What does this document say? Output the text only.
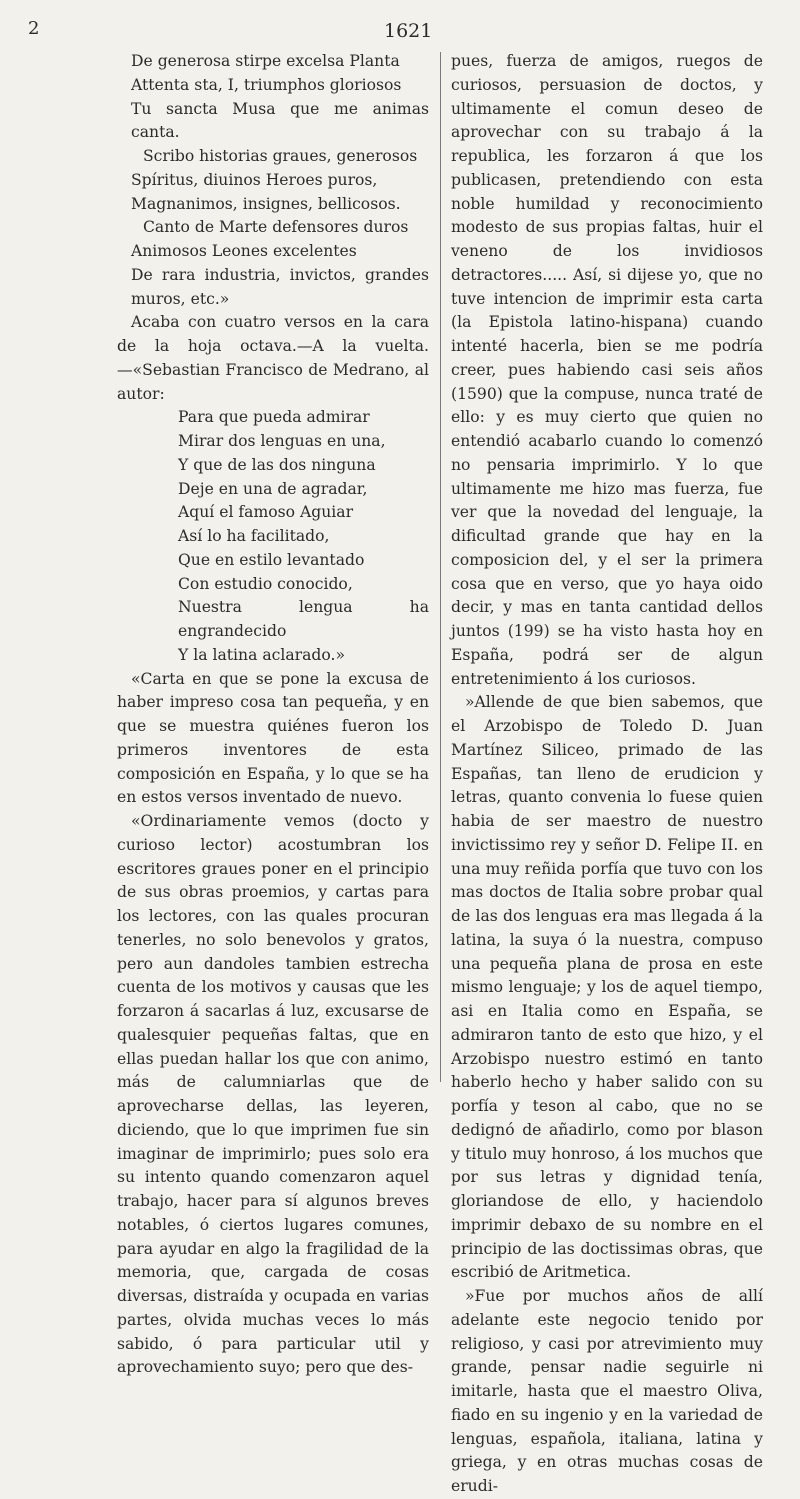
2	1621
De generosa stirpe excelsa Planta
Attenta sta, I, triumphos gloriosos
Tu sancta Musa que me animas canta.
Scribo historias graues, generosos
Spíritus, diuinos Heroes puros,
Magnanimos, insignes, bellicosos.
Canto de Marte defensores duros
Animosos Leones excelentes
De rara industria, invictos, grandes muros, etc.»

Acaba con cuatro versos en la cara de la hoja octava.—A la vuelta.—«Sebastian Francisco de Medrano, al autor:

Para que pueda admirar
Mirar dos lenguas en una,
Y que de las dos ninguna
Deje en una de agradar,
Aquí el famoso Aguiar
Así lo ha facilitado,
Que en estilo levantado
Con estudio conocido,
Nuestra lengua ha engrandecido
Y la latina aclarado.»

«Carta en que se pone la excusa de haber impreso cosa tan pequeña, y en que se muestra quiénes fueron los primeros inventores de esta composición en España, y lo que se ha en estos versos inventado de nuevo.

«Ordinariamente vemos (docto y curioso lector) acostumbran los escritores graues poner en el principio de sus obras proemios, y cartas para los lectores, con las quales procuran tenerles, no solo benevolos y gratos, pero aun dandoles tambien estrecha cuenta de los motivos y causas que les forzaron á sacarlas á luz, excusarse de qualesquier pequeñas faltas, que en ellas puedan hallar los que con animo, más de calumniarlas que de aprovecharse dellas, las leyeren, diciendo, que lo que imprimen fue sin imaginar de imprimirlo; pues solo era su intento quando comenzaron aquel trabajo, hacer para sí algunos breves notables, ó ciertos lugares comunes, para ayudar en algo la fragilidad de la memoria, que, cargada de cosas diversas, distraída y ocupada en varias partes, olvida muchas veces lo más sabido, ó para particular util y aprovechamiento suyo; pero que des-

pues, fuerza de amigos, ruegos de curiosos, persuasion de doctos, y ultimamente el comun deseo de aprovechar con su trabajo á la republica, les forzaron á que los publicasen, pretendiendo con esta noble humildad y reconocimiento modesto de sus propias faltas, huir el veneno de los invidiosos detractores..... Así, si dijese yo, que no tuve intencion de imprimir esta carta (la Epistola latino-hispana) cuando intenté hacerla, bien se me podría creer, pues habiendo casi seis años (1590) que la compuse, nunca traté de ello: y es muy cierto que quien no entendió acabarlo cuando lo comenzó no pensaria imprimirlo. Y lo que ultimamente me hizo mas fuerza, fue ver que la novedad del lenguaje, la dificultad grande que hay en la composicion del, y el ser la primera cosa que en verso, que yo haya oido decir, y mas en tanta cantidad dellos juntos (199) se ha visto hasta hoy en España, podrá ser de algun entretenimiento á los curiosos.

»Allende de que bien sabemos, que el Arzobispo de Toledo D. Juan Martínez Siliceo, primado de las Españas, tan lleno de erudicion y letras, quanto convenia lo fuese quien habia de ser maestro de nuestro invictissimo rey y señor D. Felipe II. en una muy reñida porfía que tuvo con los mas doctos de Italia sobre probar qual de las dos lenguas era mas llegada á la latina, la suya ó la nuestra, compuso una pequeña plana de prosa en este mismo lenguaje; y los de aquel tiempo, asi en Italia como en España, se admiraron tanto de esto que hizo, y el Arzobispo nuestro estimó en tanto haberlo hecho y haber salido con su porfía y teson al cabo, que no se dedignó de añadirlo, como por blason y titulo muy honroso, á los muchos que por sus letras y dignidad tenía, gloriandose de ello, y haciendolo imprimir debaxo de su nombre en el principio de las doctissimas obras, que escribió de Aritmetica.

»Fue por muchos años de allí adelante este negocio tenido por religioso, y casi por atrevimiento muy grande, pensar nadie seguirle ni imitarle, hasta que el maestro Oliva, fiado en su ingenio y en la variedad de lenguas, española, italiana, latina y griega, y en otras muchas cosas de erudi-
